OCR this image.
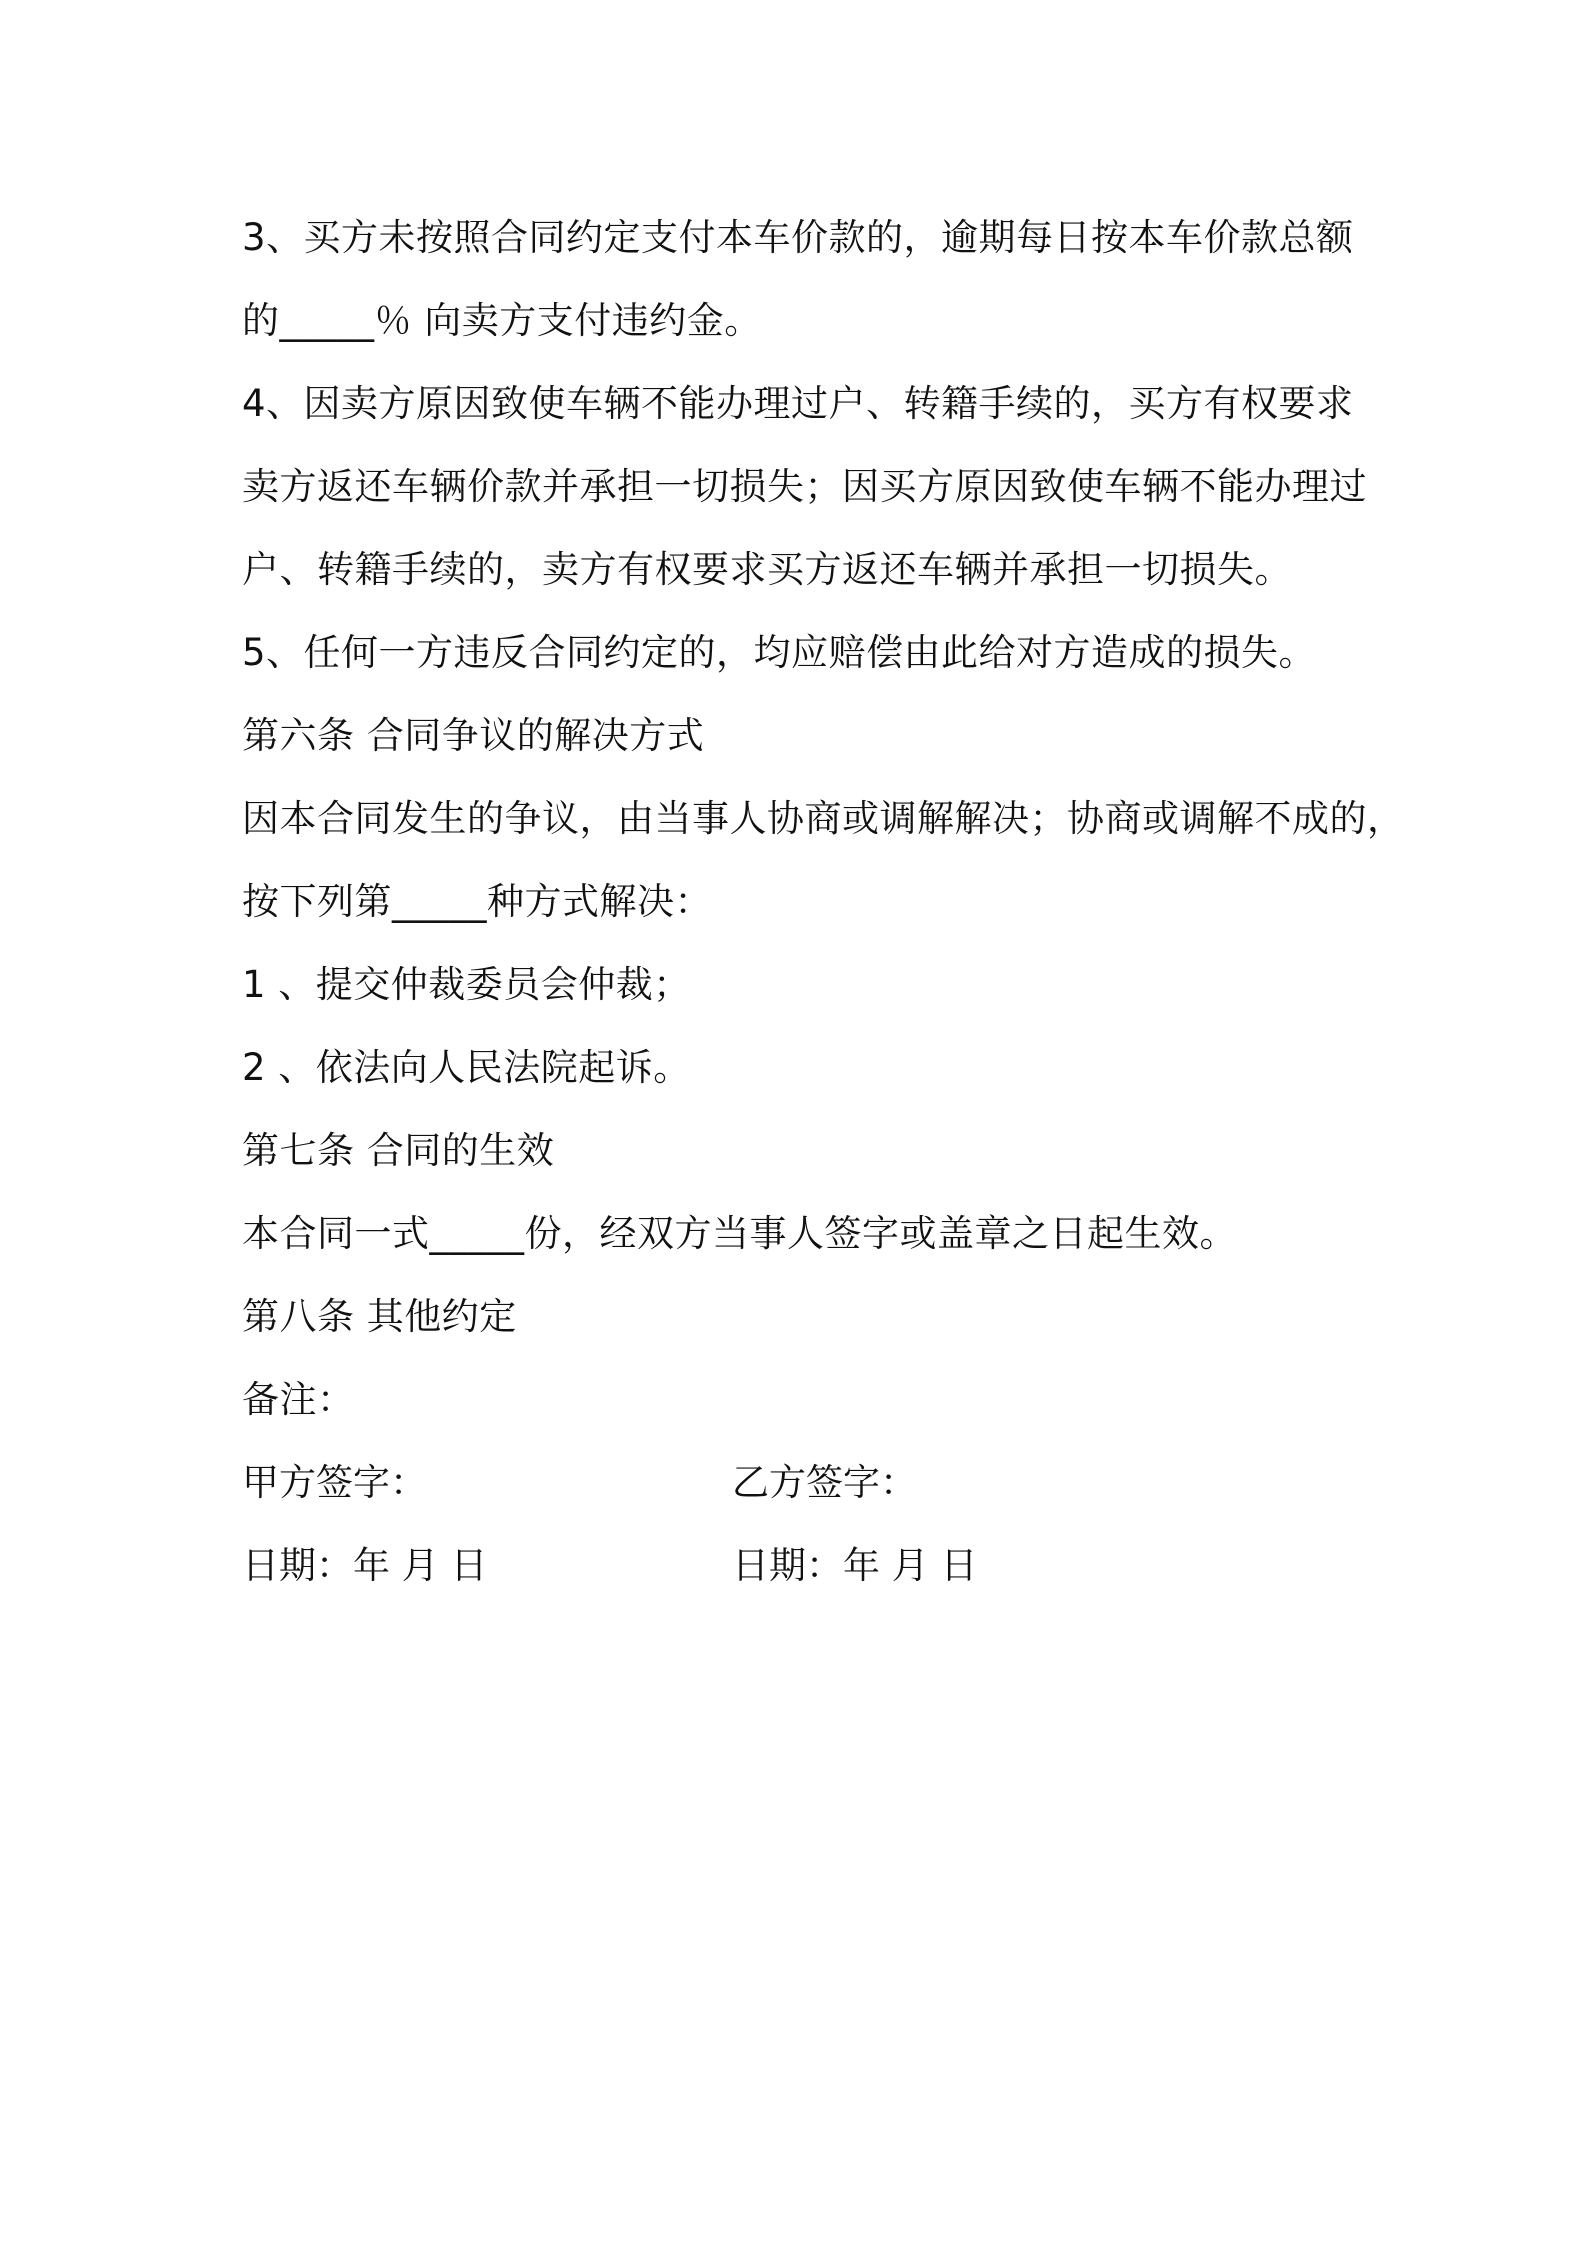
3、买方未按照合同约定支付本车价款的，逾期每日按本车价款总额
的_____％ 向卖方支付违约金。
4、因卖方原因致使车辆不能办理过户、转籍手续的，买方有权要求
卖方返还车辆价款并承担一切损失；因买方原因致使车辆不能办理过
户、转籍手续的，卖方有权要求买方返还车辆并承担一切损失。
5、任何一方违反合同约定的，均应赔偿由此给对方造成的损失。
第六条 合同争议的解决方式
因本合同发生的争议，由当事人协商或调解解决；协商或调解不成的，
按下列第_____种方式解决：
1 、提交仲裁委员会仲裁；
2 、依法向人民法院起诉。
第七条 合同的生效
本合同一式_____份，经双方当事人签字或盖章之日起生效。
第八条 其他约定
备注：
甲方签字：	乙方签字：
日期：年 月 日	日期：年 月 日
